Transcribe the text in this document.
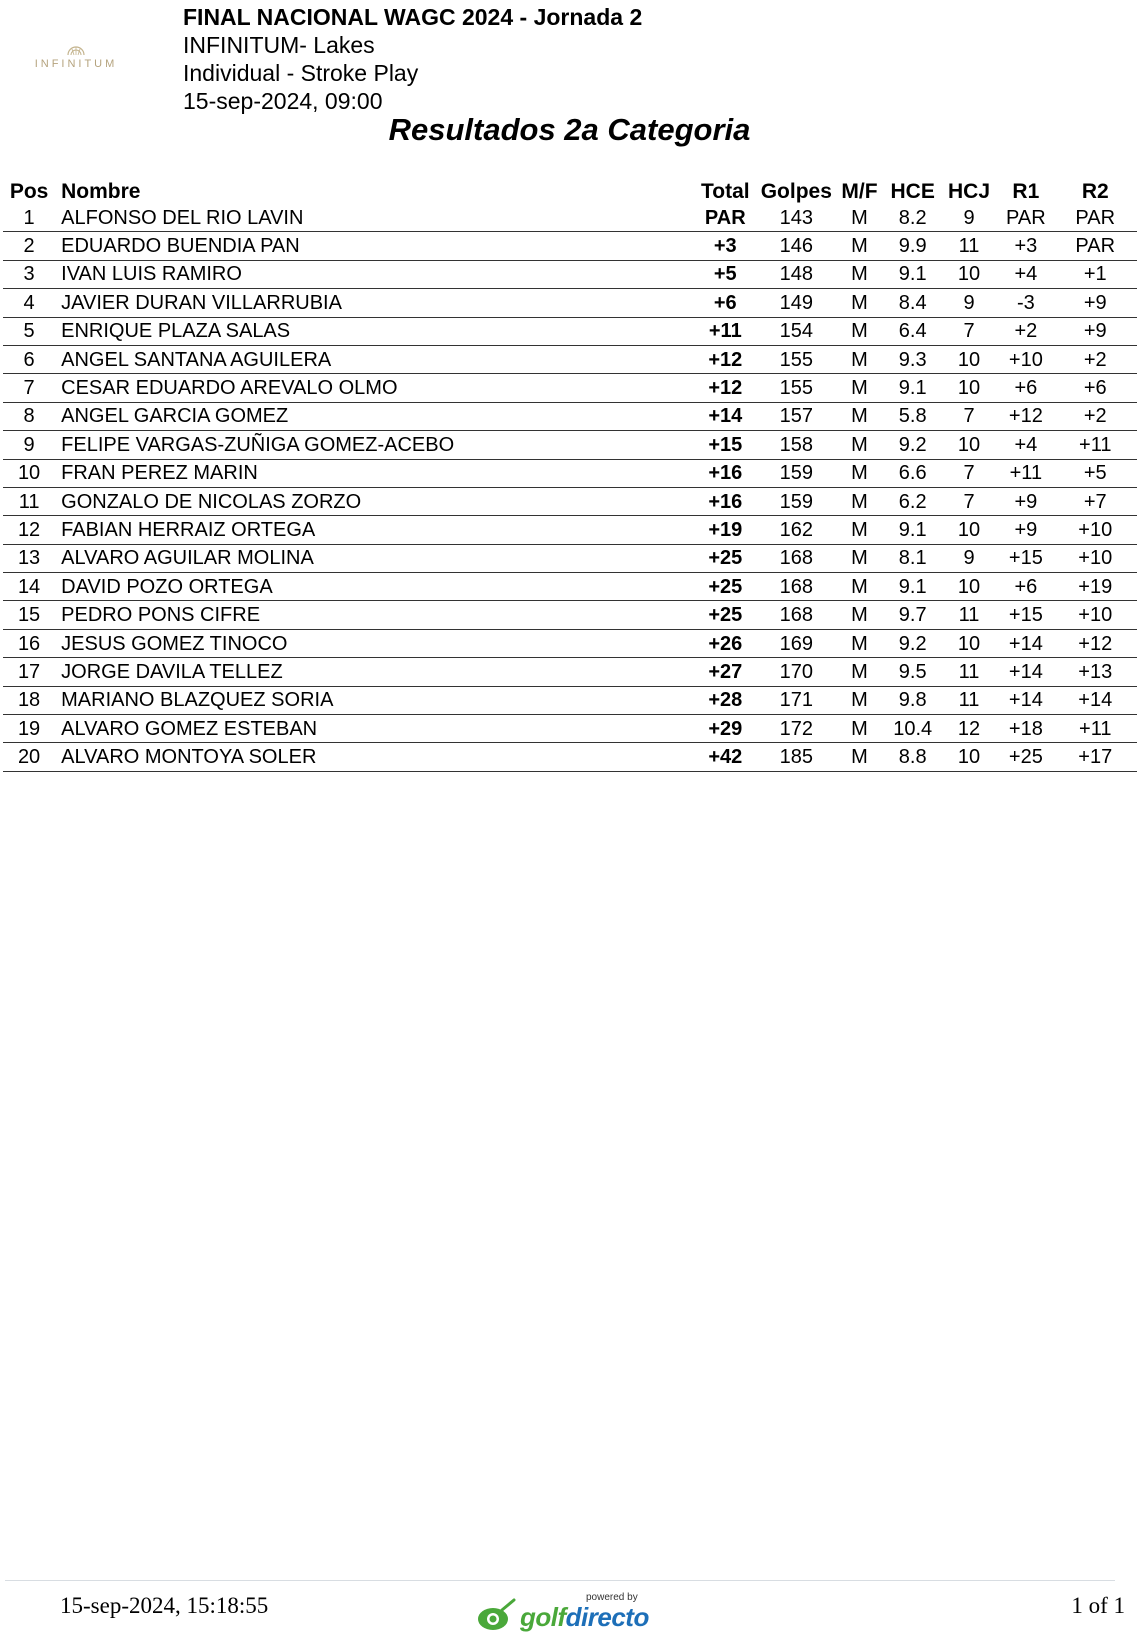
INFINITUM
FINAL NACIONAL WAGC 2024 - Jornada 2
INFINITUM- Lakes
Individual - Stroke Play
15-sep-2024, 09:00
Resultados 2a Categoria
Pos	Nombre	Total	Golpes	M/F	HCE	HCJ	R1	R2
1	ALFONSO DEL RIO LAVIN	PAR	143	M	8.2	9	PAR	PAR
2	EDUARDO BUENDIA PAN	+3	146	M	9.9	11	+3	PAR
3	IVAN LUIS RAMIRO	+5	148	M	9.1	10	+4	+1
4	JAVIER DURAN VILLARRUBIA	+6	149	M	8.4	9	-3	+9
5	ENRIQUE PLAZA SALAS	+11	154	M	6.4	7	+2	+9
6	ANGEL SANTANA AGUILERA	+12	155	M	9.3	10	+10	+2
7	CESAR EDUARDO AREVALO OLMO	+12	155	M	9.1	10	+6	+6
8	ANGEL GARCIA GOMEZ	+14	157	M	5.8	7	+12	+2
9	FELIPE VARGAS-ZUÑIGA GOMEZ-ACEBO	+15	158	M	9.2	10	+4	+11
10	FRAN PEREZ MARIN	+16	159	M	6.6	7	+11	+5
11	GONZALO DE NICOLAS ZORZO	+16	159	M	6.2	7	+9	+7
12	FABIAN HERRAIZ ORTEGA	+19	162	M	9.1	10	+9	+10
13	ALVARO AGUILAR MOLINA	+25	168	M	8.1	9	+15	+10
14	DAVID POZO ORTEGA	+25	168	M	9.1	10	+6	+19
15	PEDRO PONS CIFRE	+25	168	M	9.7	11	+15	+10
16	JESUS GOMEZ TINOCO	+26	169	M	9.2	10	+14	+12
17	JORGE DAVILA TELLEZ	+27	170	M	9.5	11	+14	+13
18	MARIANO BLAZQUEZ SORIA	+28	171	M	9.8	11	+14	+14
19	ALVARO GOMEZ ESTEBAN	+29	172	M	10.4	12	+18	+11
20	ALVARO MONTOYA SOLER	+42	185	M	8.8	10	+25	+17
15-sep-2024, 15:18:55	powered by
golfdirecto	1 of 1
